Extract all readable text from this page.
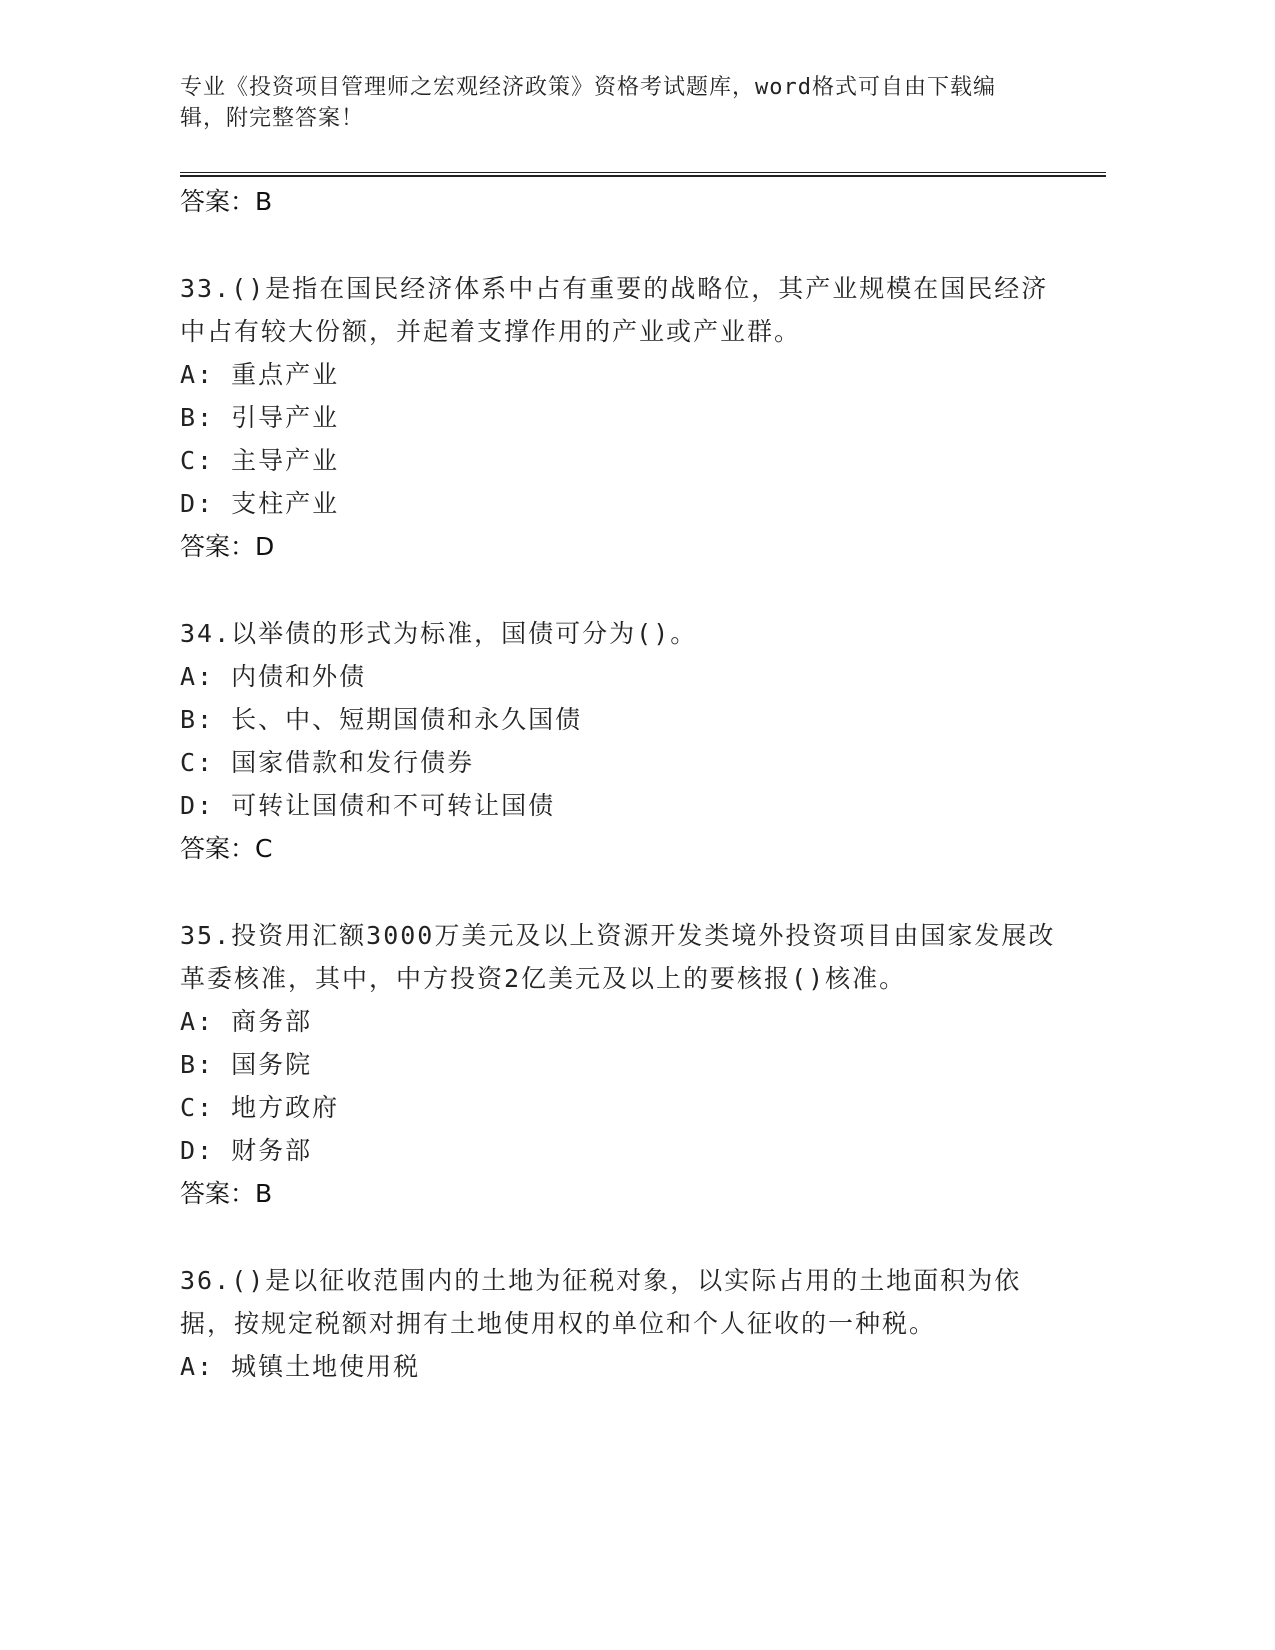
专业《投资项目管理师之宏观经济政策》资格考试题库，word格式可自由下载编辑，附完整答案！
答案：B
33.()是指在国民经济体系中占有重要的战略位，其产业规模在国民经济中占有较大份额，并起着支撑作用的产业或产业群。
A: 重点产业
B: 引导产业
C: 主导产业
D: 支柱产业
答案：D
34.以举债的形式为标准，国债可分为()。
A: 内债和外债
B: 长、中、短期国债和永久国债
C: 国家借款和发行债券
D: 可转让国债和不可转让国债
答案：C
35.投资用汇额3000万美元及以上资源开发类境外投资项目由国家发展改革委核准，其中，中方投资2亿美元及以上的要核报()核准。
A: 商务部
B: 国务院
C: 地方政府
D: 财务部
答案：B
36.()是以征收范围内的土地为征税对象，以实际占用的土地面积为依据，按规定税额对拥有土地使用权的单位和个人征收的一种税。
A: 城镇土地使用税
